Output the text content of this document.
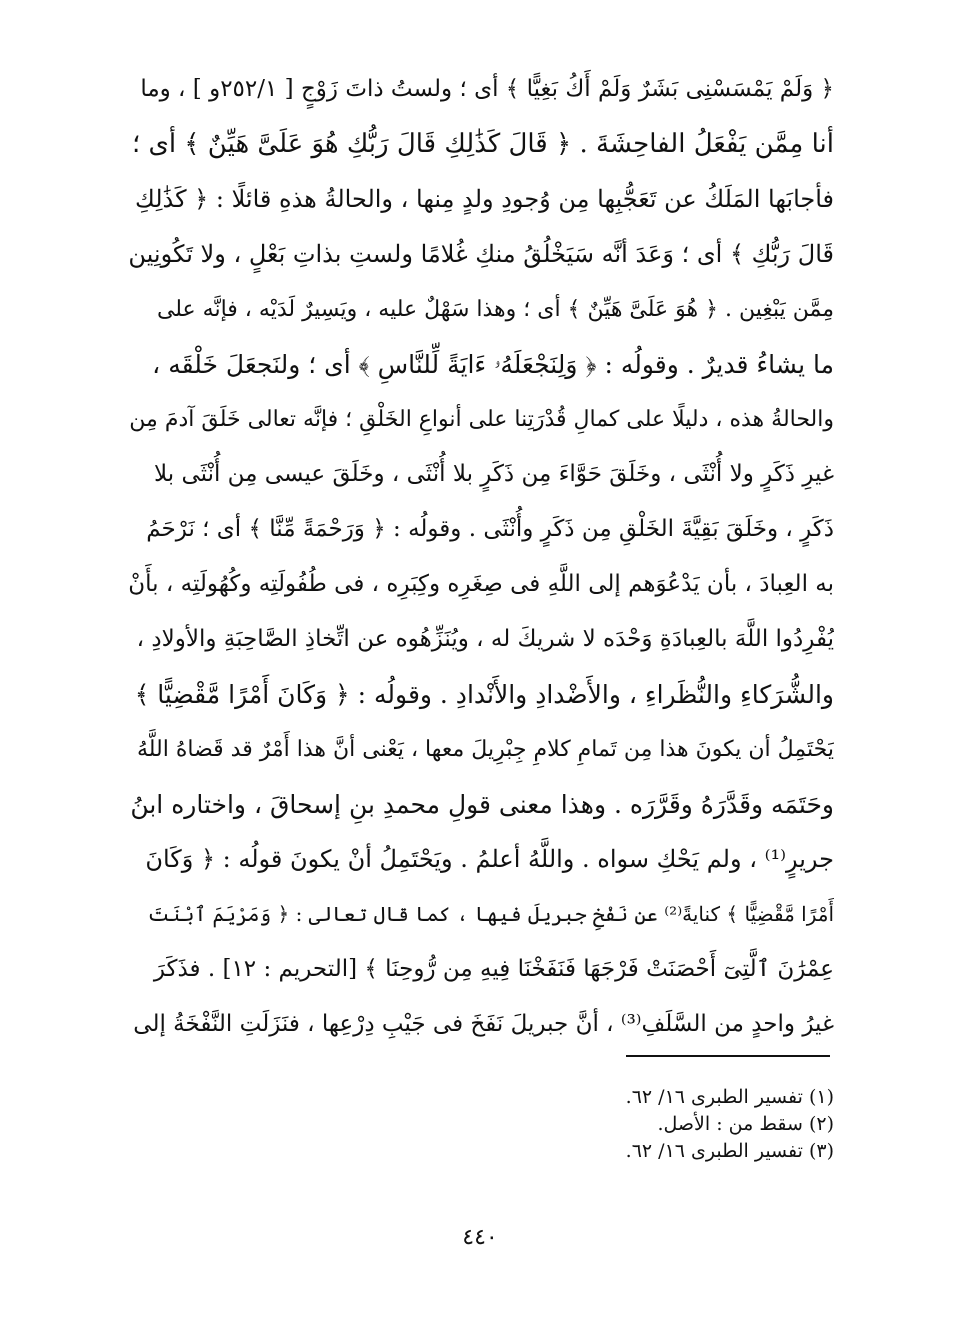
﴿ وَلَمْ يَمْسَسْنِى بَشَرٌ وَلَمْ أَكُ بَغِيًّا ﴾ أى ؛ ولستُ ذاتَ زَوْجٍ [ ٢٥٢/١و ] ، وما
أنا مِمَّن يَفْعَلُ الفاحِشَةَ . ﴿ قَالَ كَذَٰلِكِ قَالَ رَبُّكِ هُوَ عَلَىَّ هَيِّنٌ ﴾ أى ؛
فأجابَها المَلَكُ عن تَعَجُّبِها مِن وُجودِ ولدٍ مِنها ، والحالةُ هذهِ قائلًا : ﴿ كَذَٰلِكِ
قَالَ رَبُّكِ ﴾ أى ؛ وَعَدَ أنَّه سَيَخْلُقُ منكِ غُلامًا ولستِ بذاتِ بَعْلٍ ، ولا تَكُونِين
مِمَّن يَبْغِين . ﴿ هُوَ عَلَىَّ هَيِّنٌ ﴾ أى ؛ وهذا سَهْلٌ عليه ، ويَسِيرٌ لَدَيْه ، فإنَّه على
ما يشاءُ قديرٌ . وقولُه : ﴿ وَلِنَجْعَلَهُۥ ءَايَةً لِّلنَّاسِ ﴾ أى ؛ ولنَجعَلَ خَلْقَه ،
والحالةُ هذه ، دليلًا على كمالِ قُدْرَتِنا على أنواعِ الخَلْقِ ؛ فإنَّه تعالى خَلَقَ آدمَ مِن
غيرِ ذَكَرٍ ولا أُنْثَى ، وخَلَقَ حَوَّاءَ مِن ذَكَرٍ بلا أُنْثَى ، وخَلَقَ عيسى مِن أُنْثَى بلا
ذَكَرٍ ، وخَلَقَ بَقِيَّةَ الخَلْقِ مِن ذَكَرٍ وأُنْثَى . وقولُه : ﴿ وَرَحْمَةً مِّنَّا ﴾ أى ؛ نَرْحَمُ
به العِبادَ ، بأن يَدْعُوَهم إلى اللَّهِ فى صِغَرِه وكِبَرِه ، فى طُفُولَتِه وكُهُولَتِه ، بأَنْ
يُفْرِدُوا اللَّهَ بالعِبادَةِ وَحْدَه لا شريكَ له ، ويُنَزِّهُوه عن اتِّخاذِ الصَّاحِبَةِ والأولادِ ،
والشُّرَكاءِ والنُّظَراءِ ، والأَضْدادِ والأَنْدادِ . وقولُه : ﴿ وَكَانَ أَمْرًا مَّقْضِيًّا ﴾
يَحْتَمِلُ أن يكونَ هذا مِن تَمامِ كلامِ جِبْرِيلَ معها ، يَعْنى أنَّ هذا أَمْرٌ قد قَضاهُ اللَّهُ
وحَتَمَه وقَدَّرَهُ وقَرَّرَه . وهذا معنى قولِ محمدِ بنِ إسحاقَ ، واختاره ابنُ
جريرٍ⁽¹⁾ ، ولم يَحْكِ سواه . واللَّهُ أعلمُ . ويَحْتَمِلُ أنْ يكونَ قولُه : ﴿ وَكَانَ
أَمْرًا مَّقْضِيًّا ﴾ كنايةً⁽²⁾ عن نَفْخِ جبريلَ فيها ، كما قال تعالى : ﴿ وَمَرْيَمَ ٱبْنَتَ
عِمْرَٰنَ ٱلَّتِىٓ أَحْصَنَتْ فَرْجَهَا فَنَفَخْنَا فِيهِ مِن رُّوحِنَا ﴾ [التحريم : ١٢] . فذَكَرَ
غيرُ واحدٍ من السَّلَفِ⁽³⁾ ، أنَّ جبريلَ نَفَخَ فى جَيْبِ دِرْعِها ، فنَزَلَتِ النَّفْخَةُ إلى
(١) تفسير الطبرى ١٦/ ٦٢.
(٢) سقط من : الأصل.
(٣) تفسير الطبرى ١٦/ ٦٢.
٤٤٠
